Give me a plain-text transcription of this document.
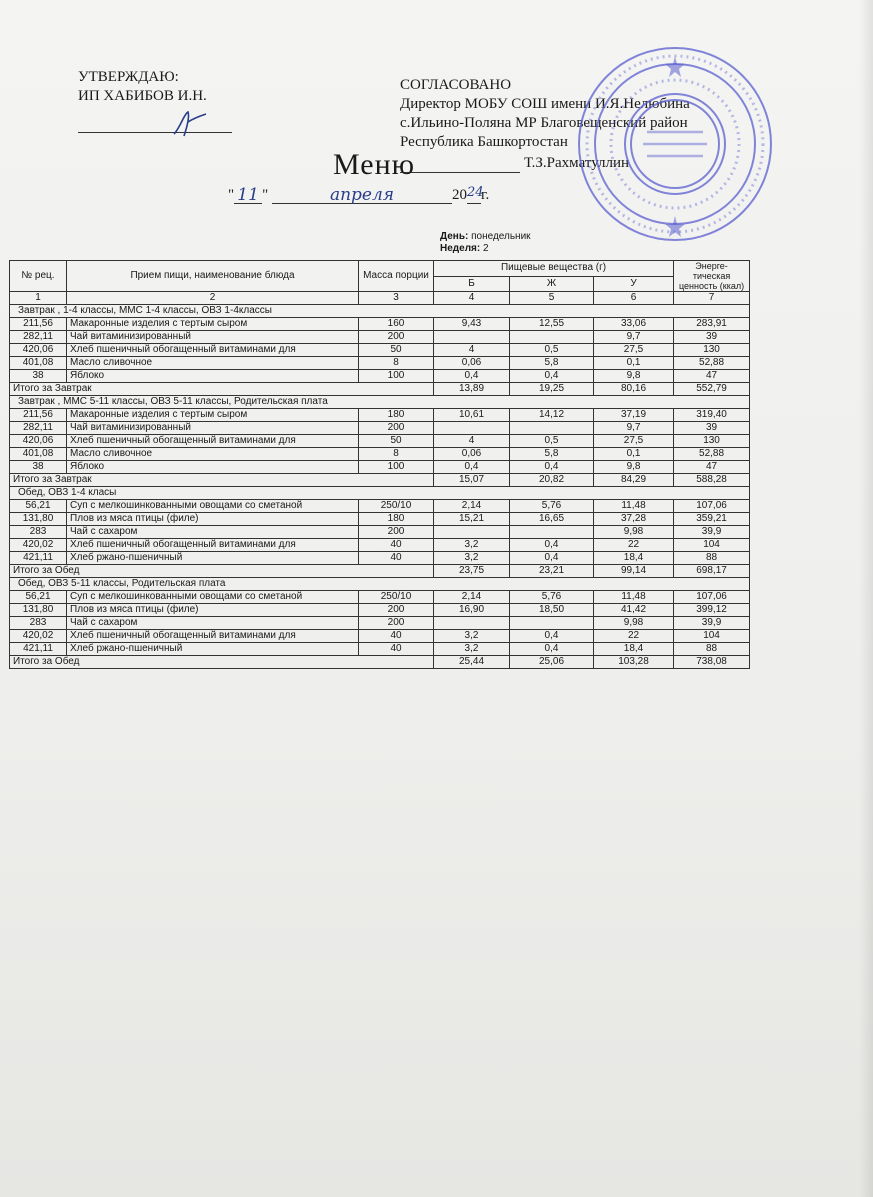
УТВЕРЖДАЮ:
ИП ХАБИБОВ И.Н.
СОГЛАСОВАНО
Директор МОБУ СОШ имени И.Я.Нелюбина
с.Ильино-Поляна МР Благовещенский район
Республика Башкортостан
Т.З.Рахматуллин
Меню
" 11 "	апреля	2024г.
День: понедельник
Неделя: 2
№ рец.	Прием пищи, наименование блюда	Масса порции	Пищевые вещества (г)			Энерге-тическая ценность (ккал)
			Б	Ж	У	
1	2	3	4	5	6	7
Завтрак , 1-4 классы, ММС 1-4 классы, ОВЗ 1-4классы						
211,56	Макаронные изделия с тертым сыром	160	9,43	12,55	33,06	283,91
282,11	Чай витаминизированный	200			9,7	39
420,06	Хлеб пшеничный обогащенный витаминами для	50	4	0,5	27,5	130
401,08	Масло сливочное	8	0,06	5,8	0,1	52,88
38	Яблоко	100	0,4	0,4	9,8	47
Итого за Завтрак			13,89	19,25	80,16	552,79
Завтрак , ММС 5-11 классы, ОВЗ 5-11 классы, Родительская плата						
211,56	Макаронные изделия с тертым сыром	180	10,61	14,12	37,19	319,40
282,11	Чай витаминизированный	200			9,7	39
420,06	Хлеб пшеничный обогащенный витаминами для	50	4	0,5	27,5	130
401,08	Масло сливочное	8	0,06	5,8	0,1	52,88
38	Яблоко	100	0,4	0,4	9,8	47
Итого за Завтрак			15,07	20,82	84,29	588,28
Обед, ОВЗ 1-4 класы						
56,21	Суп с мелкошинкованными овощами со сметаной	250/10	2,14	5,76	11,48	107,06
131,80	Плов из мяса птицы (филе)	180	15,21	16,65	37,28	359,21
283	Чай с сахаром	200			9,98	39,9
420,02	Хлеб пшеничный обогащенный витаминами для	40	3,2	0,4	22	104
421,11	Хлеб ржано-пшеничный	40	3,2	0,4	18,4	88
Итого за Обед			23,75	23,21	99,14	698,17
Обед, ОВЗ 5-11 классы, Родительская плата						
56,21	Суп с мелкошинкованными овощами со сметаной	250/10	2,14	5,76	11,48	107,06
131,80	Плов из мяса птицы (филе)	200	16,90	18,50	41,42	399,12
283	Чай с сахаром	200			9,98	39,9
420,02	Хлеб пшеничный обогащенный витаминами для	40	3,2	0,4	22	104
421,11	Хлеб ржано-пшеничный	40	3,2	0,4	18,4	88
Итого за Обед			25,44	25,06	103,28	738,08
